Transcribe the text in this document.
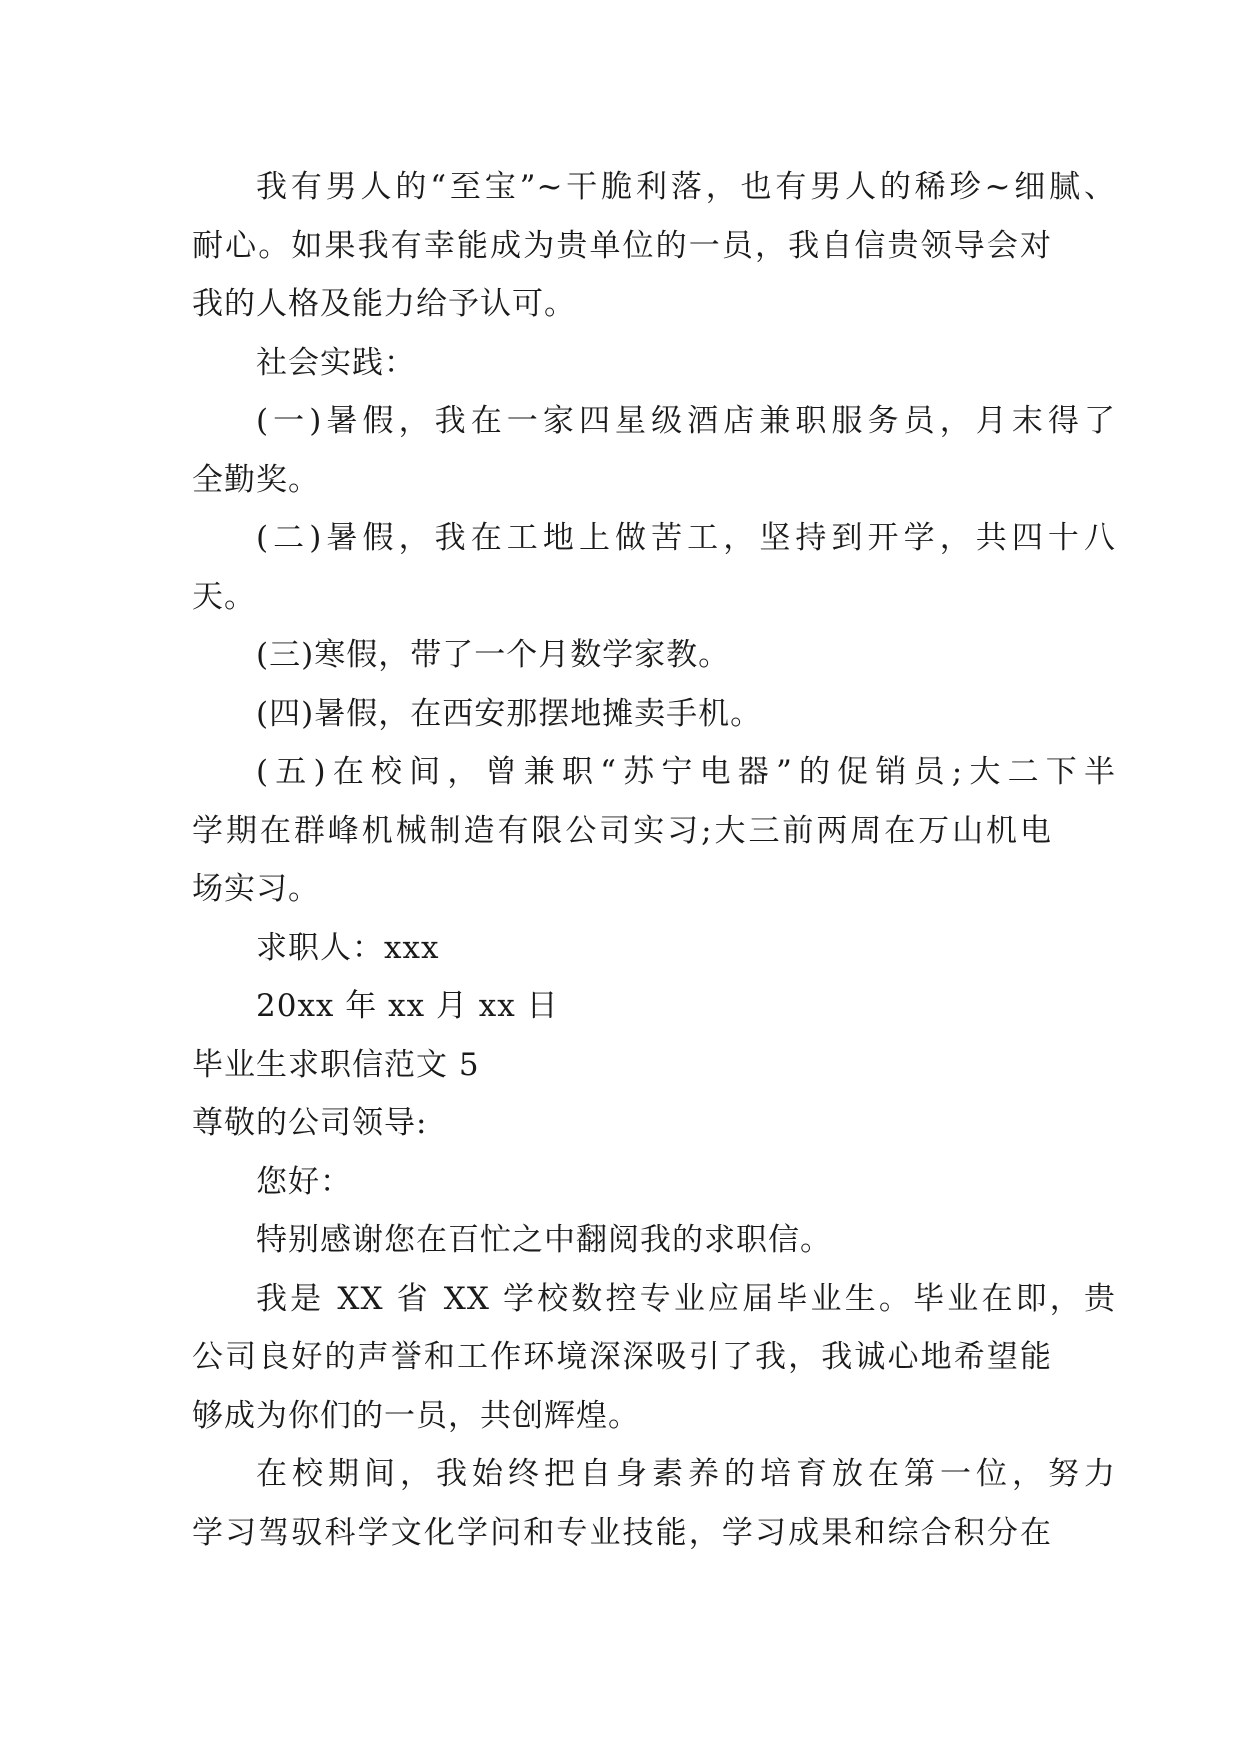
我有男人的“至宝”~干脆利落，也有男人的稀珍~细腻、
耐心。如果我有幸能成为贵单位的一员，我自信贵领导会对
我的人格及能力给予认可。
社会实践：
(一)暑假，我在一家四星级酒店兼职服务员，月末得了
全勤奖。
(二)暑假，我在工地上做苦工，坚持到开学，共四十八
天。
(三)寒假，带了一个月数学家教。
(四)暑假，在西安那摆地摊卖手机。
(五)在校间，曾兼职“苏宁电器”的促销员;大二下半
学期在群峰机械制造有限公司实习;大三前两周在万山机电
场实习。
求职人：xxx
20xx 年 xx 月 xx 日
毕业生求职信范文 5
尊敬的公司领导:
您好：
特别感谢您在百忙之中翻阅我的求职信。
我是 XX 省 XX 学校数控专业应届毕业生。毕业在即，贵
公司良好的声誉和工作环境深深吸引了我，我诚心地希望能
够成为你们的一员，共创辉煌。
在校期间，我始终把自身素养的培育放在第一位，努力
学习驾驭科学文化学问和专业技能，学习成果和综合积分在
